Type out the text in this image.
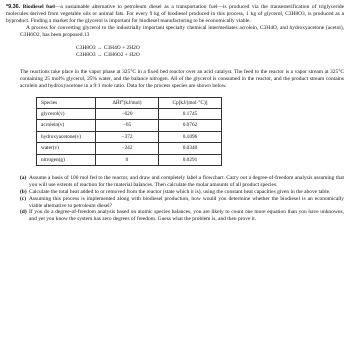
*9.36. Biodiesel fuel—a sustainable alternative to petroleum diesel as a transportation fuel—is produced via the transesterification of triglyceride molecules derived from vegetable oils or animal fats. For every 9 kg of biodiesel produced in this process, 1 kg of glycerol, C3H8O3, is produced as a byproduct. Finding a market for the glycerol is important for biodiesel manufacturing to be economically viable.

A process for converting glycerol to the industrially important specialty chemical intermediates acrolein, C3H4O, and hydroxyacetone (acetol), C3H6O2, has been proposed.13

C3H8O3 → C3H4O + 2H2O
C3H8O3 → C3H6O2 + H2O

The reactions take place in the vapor phase at 325°C in a fixed bed reactor over an acid catalyst. The feed to the reactor is a vapor stream at 325°C containing 25 mol% glycerol, 25% water, and the balance nitrogen. All of the glycerol is consumed in the reactor, and the product stream contains acrolein and hydroxyacetone in a 9:1 mole ratio. Data for the process species are shown below.

Species	ΔĤf°(kJ/mol)	Cp[kJ/(mol·°C)]
glycerol(v)	−620	0.1745
acrolein(v)	−65	0.0762
hydroxyacetone(v)	−372	0.1096
water(v)	−242	0.0340
nitrogen(g)	0	0.0291
(a) Assume a basis of 100 mol fed to the reactor, and draw and completely label a flowchart. Carry out a degree-of-freedom analysis assuming that you will use extents of reaction for the material balances. Then calculate the molar amounts of all product species.
(b) Calculate the total heat added to or removed from the reactor (state which it is), using the constant heat capacities given in the above table.
(c) Assuming this process is implemented along with biodiesel production, how would you determine whether the biodiesel is an economically viable alternative to petroleum diesel?
(d) If you do a degree-of-freedom analysis based on atomic species balances, you are likely to count one more equation than you have unknowns, and yet you know the system has zero degrees of freedom. Guess what the problem is, and then prove it.
